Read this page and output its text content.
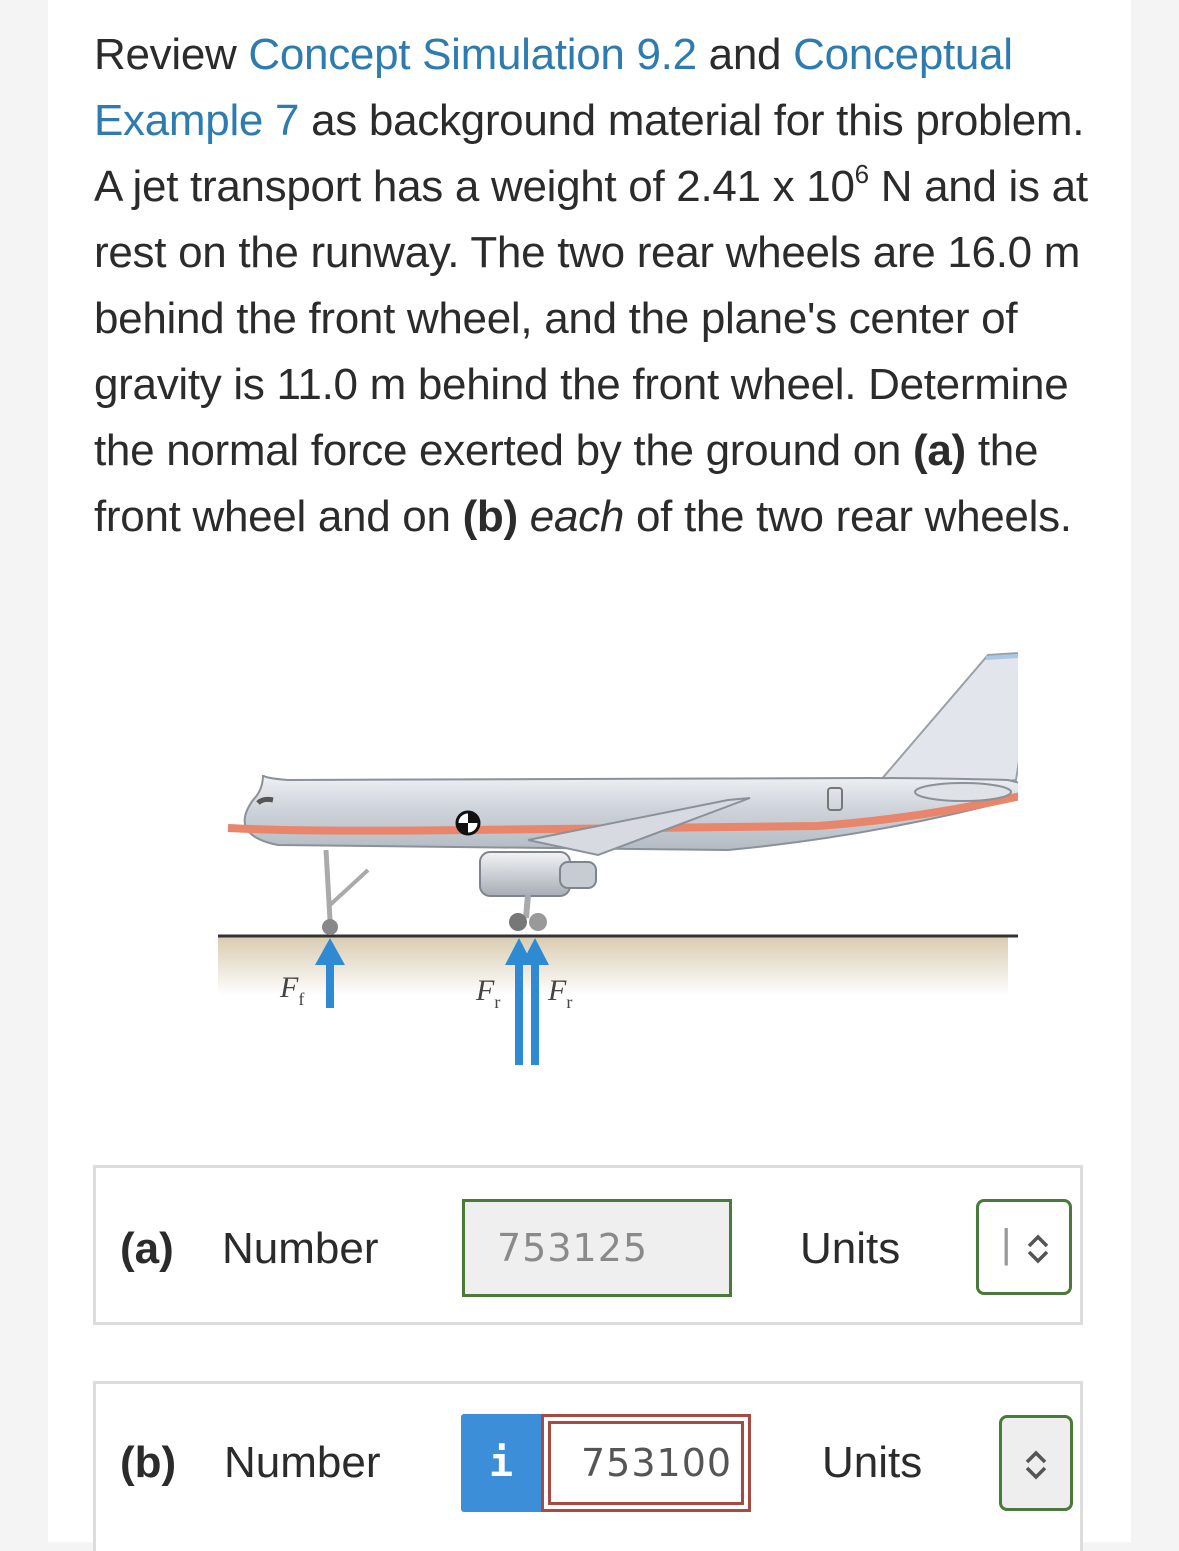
Review Concept Simulation 9.2 and Conceptual Example 7 as background material for this problem. A jet transport has a weight of 2.41 x $10^6$ N and is at rest on the runway. The two rear wheels are 16.0 m behind the front wheel, and the plane's center of gravity is 11.0 m behind the front wheel. Determine the normal force exerted by the ground on (a) the front wheel and on (b) each of the two rear wheels.
$F_f$	$F_r$ $F_r$
(a) Number	753125	Units	|
(b) Number	i	753100 Units
